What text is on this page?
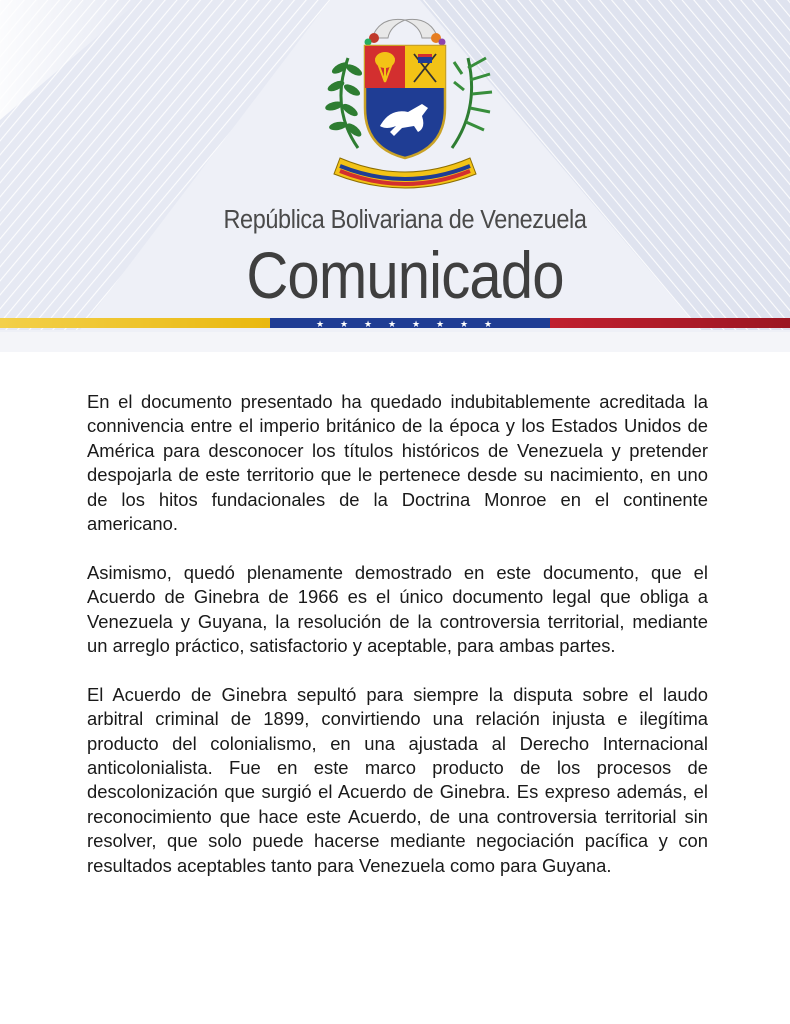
República Bolivariana de Venezuela
Comunicado
★ ★ ★ ★ ★ ★ ★ ★

En el documento presentado ha quedado indubitablemente acreditada la connivencia entre el imperio británico de la época y los Estados Unidos de América para desconocer los títulos históricos de Venezuela y pretender despojarla de este territorio que le pertenece desde su nacimiento, en uno de los hitos fundacionales de la Doctrina Monroe en el continente americano.

Asimismo, quedó plenamente demostrado en este documento, que el Acuerdo de Ginebra de 1966 es el único documento legal que obliga a Venezuela y Guyana, la resolución de la controversia territorial, mediante un arreglo práctico, satisfactorio y aceptable, para ambas partes.

El Acuerdo de Ginebra sepultó para siempre la disputa sobre el laudo arbitral criminal de 1899, convirtiendo una relación injusta e ilegítima producto del colonialismo, en una ajustada al Derecho Internacional anticolonialista. Fue en este marco producto de los procesos de descolonización que surgió el Acuerdo de Ginebra. Es expreso además, el reconocimiento que hace este Acuerdo, de una controversia territorial sin resolver, que solo puede hacerse mediante negociación pacífica y con resultados aceptables tanto para Venezuela como para Guyana.
